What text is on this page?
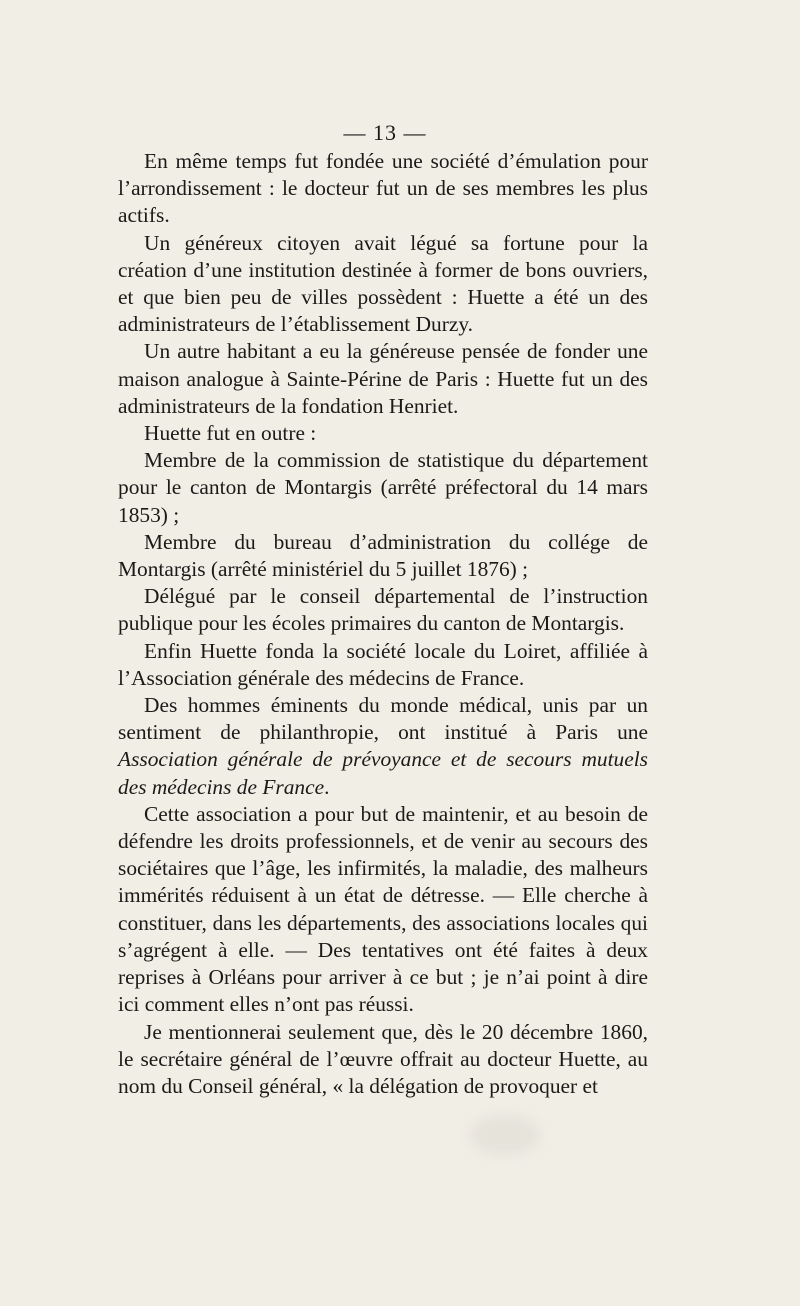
— 13 —

En même temps fut fondée une société d’émulation pour l’arrondissement : le docteur fut un de ses membres les plus actifs.

Un généreux citoyen avait légué sa fortune pour la création d’une institution destinée à former de bons ouvriers, et que bien peu de villes possèdent : Huette a été un des administrateurs de l’établissement Durzy.

Un autre habitant a eu la généreuse pensée de fonder une maison analogue à Sainte-Périne de Paris : Huette fut un des administrateurs de la fondation Henriet.

Huette fut en outre :

Membre de la commission de statistique du département pour le canton de Montargis (arrêté préfectoral du 14 mars 1853) ;

Membre du bureau d’administration du collége de Montargis (arrêté ministériel du 5 juillet 1876) ;

Délégué par le conseil départemental de l’instruction publique pour les écoles primaires du canton de Montargis.

Enfin Huette fonda la société locale du Loiret, affiliée à l’Association générale des médecins de France.

Des hommes éminents du monde médical, unis par un sentiment de philanthropie, ont institué à Paris une Association générale de prévoyance et de secours mutuels des médecins de France.

Cette association a pour but de maintenir, et au besoin de défendre les droits professionnels, et de venir au secours des sociétaires que l’âge, les infirmités, la maladie, des malheurs immérités réduisent à un état de détresse. — Elle cherche à constituer, dans les départements, des associations locales qui s’agrégent à elle. — Des tentatives ont été faites à deux reprises à Orléans pour arriver à ce but ; je n’ai point à dire ici comment elles n’ont pas réussi.

Je mentionnerai seulement que, dès le 20 décembre 1860, le secrétaire général de l’œuvre offrait au docteur Huette, au nom du Conseil général, « la délégation de provoquer et
